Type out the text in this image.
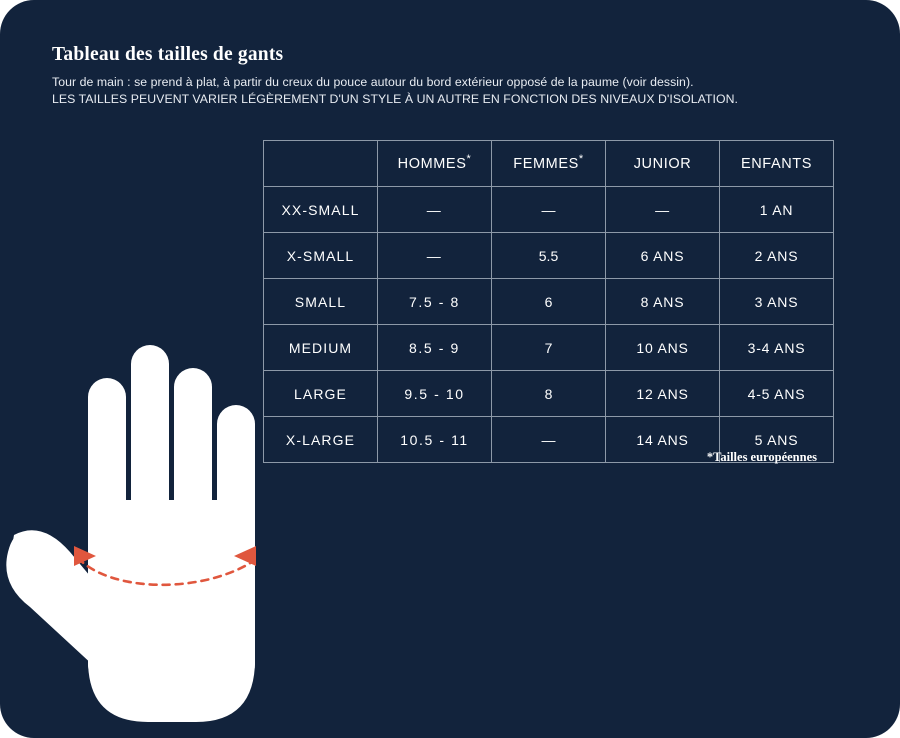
Tableau des tailles de gants

Tour de main : se prend à plat, à partir du creux du pouce autour du bord extérieur opposé de la paume (voir dessin).

LES TAILLES PEUVENT VARIER LÉGÈREMENT D'UN STYLE À UN AUTRE EN FONCTION DES NIVEAUX D'ISOLATION.

	HOMMES*	FEMMES*	JUNIOR	ENFANTS
XX-SMALL	—	—	—	1 AN
X-SMALL	—	5.5	6 ANS	2 ANS
SMALL	7.5 - 8	6	8 ANS	3 ANS
MEDIUM	8.5 - 9	7	10 ANS	3-4 ANS
LARGE	9.5 - 10	8	12 ANS	4-5 ANS
X-LARGE	10.5 - 11	—	14 ANS	5 ANS
*Tailles européennes
